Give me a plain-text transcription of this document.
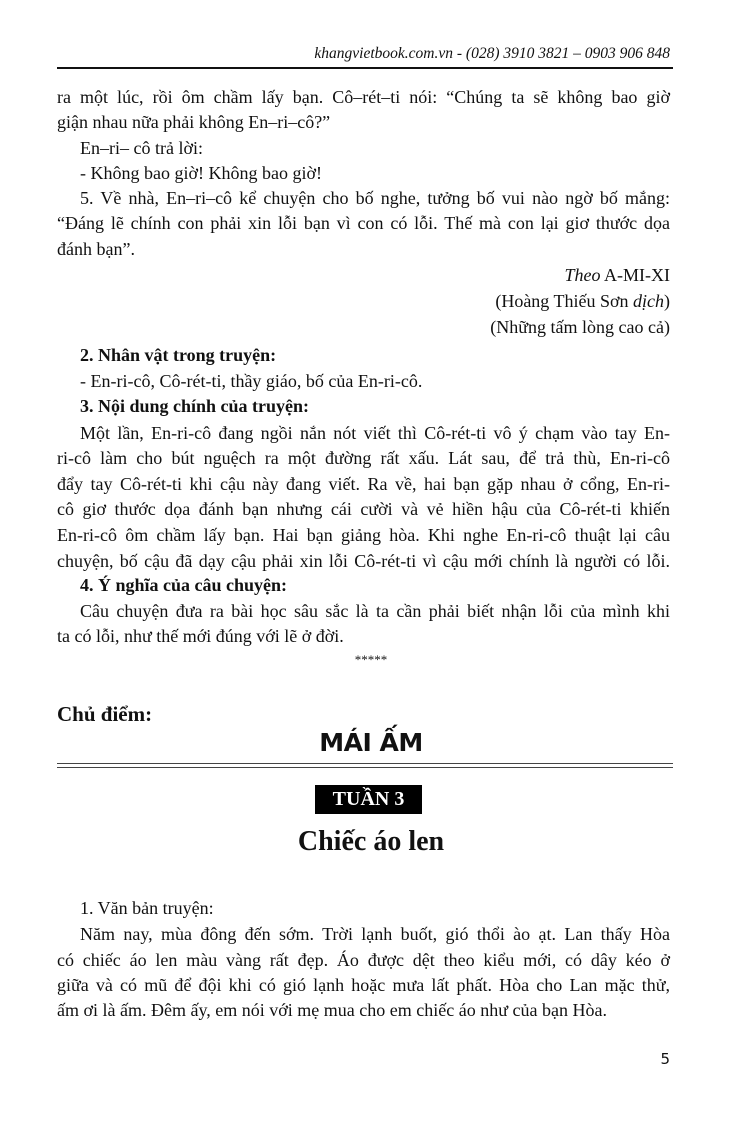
khangvietbook.com.vn - (028) 3910 3821 – 0903 906 848
ra một lúc, rồi ôm chầm lấy bạn. Cô–rét–ti nói: “Chúng ta sẽ không bao giờ
giận nhau nữa phải không En–ri–cô?”
En–ri– cô trả lời:
- Không bao giờ! Không bao giờ!
5. Về nhà, En–ri–cô kể chuyện cho bố nghe, tưởng bố vui nào ngờ bố mắng:
“Đáng lẽ chính con phải xin lỗi bạn vì con có lỗi. Thế mà con lại giơ thước dọa
đánh bạn”.
Theo A-MI-XI
(Hoàng Thiếu Sơn dịch)
(Những tấm lòng cao cả)
2. Nhân vật trong truyện:
- En-ri-cô, Cô-rét-ti, thầy giáo, bố của En-ri-cô.
3. Nội dung chính của truyện:
Một lần, En-ri-cô đang ngồi nắn nót viết thì Cô-rét-ti vô ý chạm vào tay En-
ri-cô làm cho bút nguệch ra một đường rất xấu. Lát sau, để trả thù, En-ri-cô
đẩy tay Cô-rét-ti khi cậu này đang viết. Ra về, hai bạn gặp nhau ở cổng, En-ri-
cô giơ thước dọa đánh bạn nhưng cái cười và vẻ hiền hậu của Cô-rét-ti khiến
En-ri-cô ôm chầm lấy bạn. Hai bạn giảng hòa. Khi nghe En-ri-cô thuật lại câu
chuyện, bố cậu đã dạy cậu phải xin lỗi Cô-rét-ti vì cậu mới chính là người có lỗi.
4. Ý nghĩa của câu chuyện:
Câu chuyện đưa ra bài học sâu sắc là ta cần phải biết nhận lỗi của mình khi
ta có lỗi, như thế mới đúng với lẽ ở đời.
*****
Chủ điểm:
MÁI ẤM
TUẦN 3
Chiếc áo len
1. Văn bản truyện:
Năm nay, mùa đông đến sớm. Trời lạnh buốt, gió thổi ào ạt. Lan thấy Hòa
có chiếc áo len màu vàng rất đẹp. Áo được dệt theo kiểu mới, có dây kéo ở
giữa và có mũ để đội khi có gió lạnh hoặc mưa lất phất. Hòa cho Lan mặc thử,
ấm ơi là ấm. Đêm ấy, em nói với mẹ mua cho em chiếc áo như của bạn Hòa.
5
